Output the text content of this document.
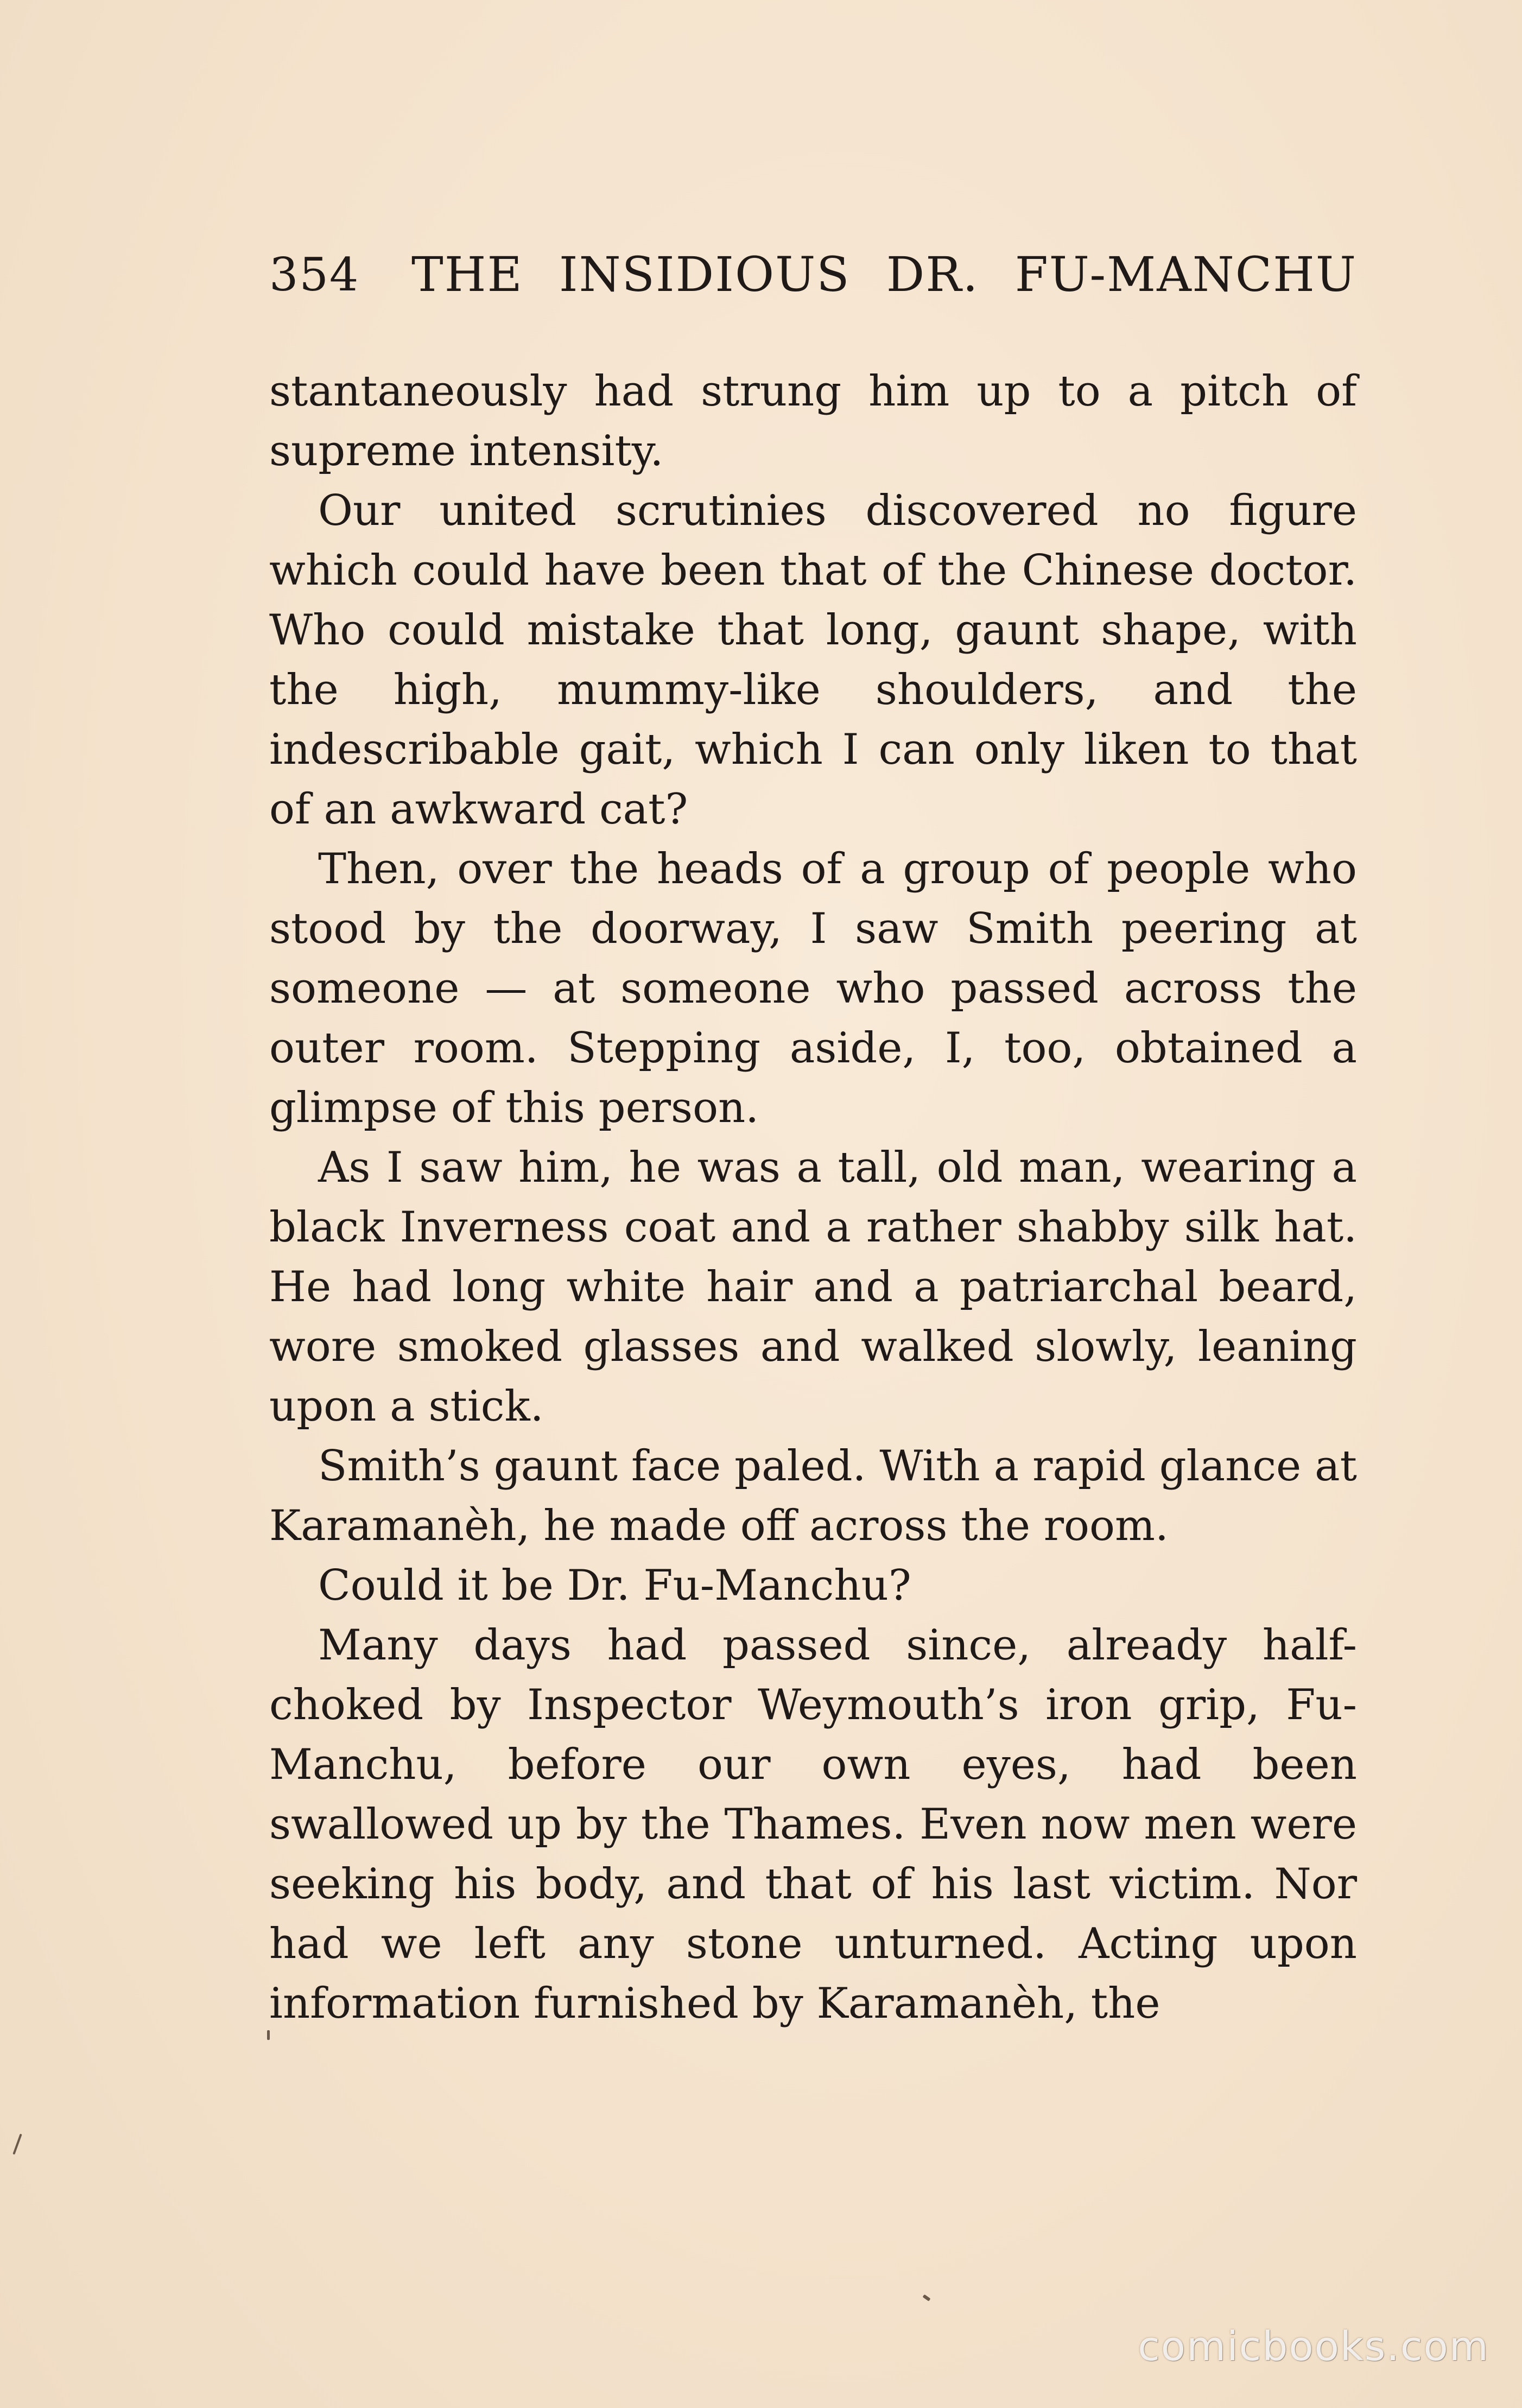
354 THE INSIDIOUS DR. FU-MANCHU

stantaneously had strung him up to a pitch of supreme intensity.

Our united scrutinies discovered no figure which could have been that of the Chinese doctor. Who could mistake that long, gaunt shape, with the high, mummy-like shoulders, and the indescribable gait, which I can only liken to that of an awkward cat?

Then, over the heads of a group of people who stood by the doorway, I saw Smith peering at someone — at someone who passed across the outer room. Stepping aside, I, too, obtained a glimpse of this person.

As I saw him, he was a tall, old man, wearing a black Inverness coat and a rather shabby silk hat. He had long white hair and a patriarchal beard, wore smoked glasses and walked slowly, leaning upon a stick.

Smith’s gaunt face paled. With a rapid glance at Karamanèh, he made off across the room.

Could it be Dr. Fu-Manchu?

Many days had passed since, already half-choked by Inspector Weymouth’s iron grip, Fu-Manchu, before our own eyes, had been swallowed up by the Thames. Even now men were seeking his body, and that of his last victim. Nor had we left any stone unturned. Acting upon information furnished by Karamanèh, the

comicbooks.com
